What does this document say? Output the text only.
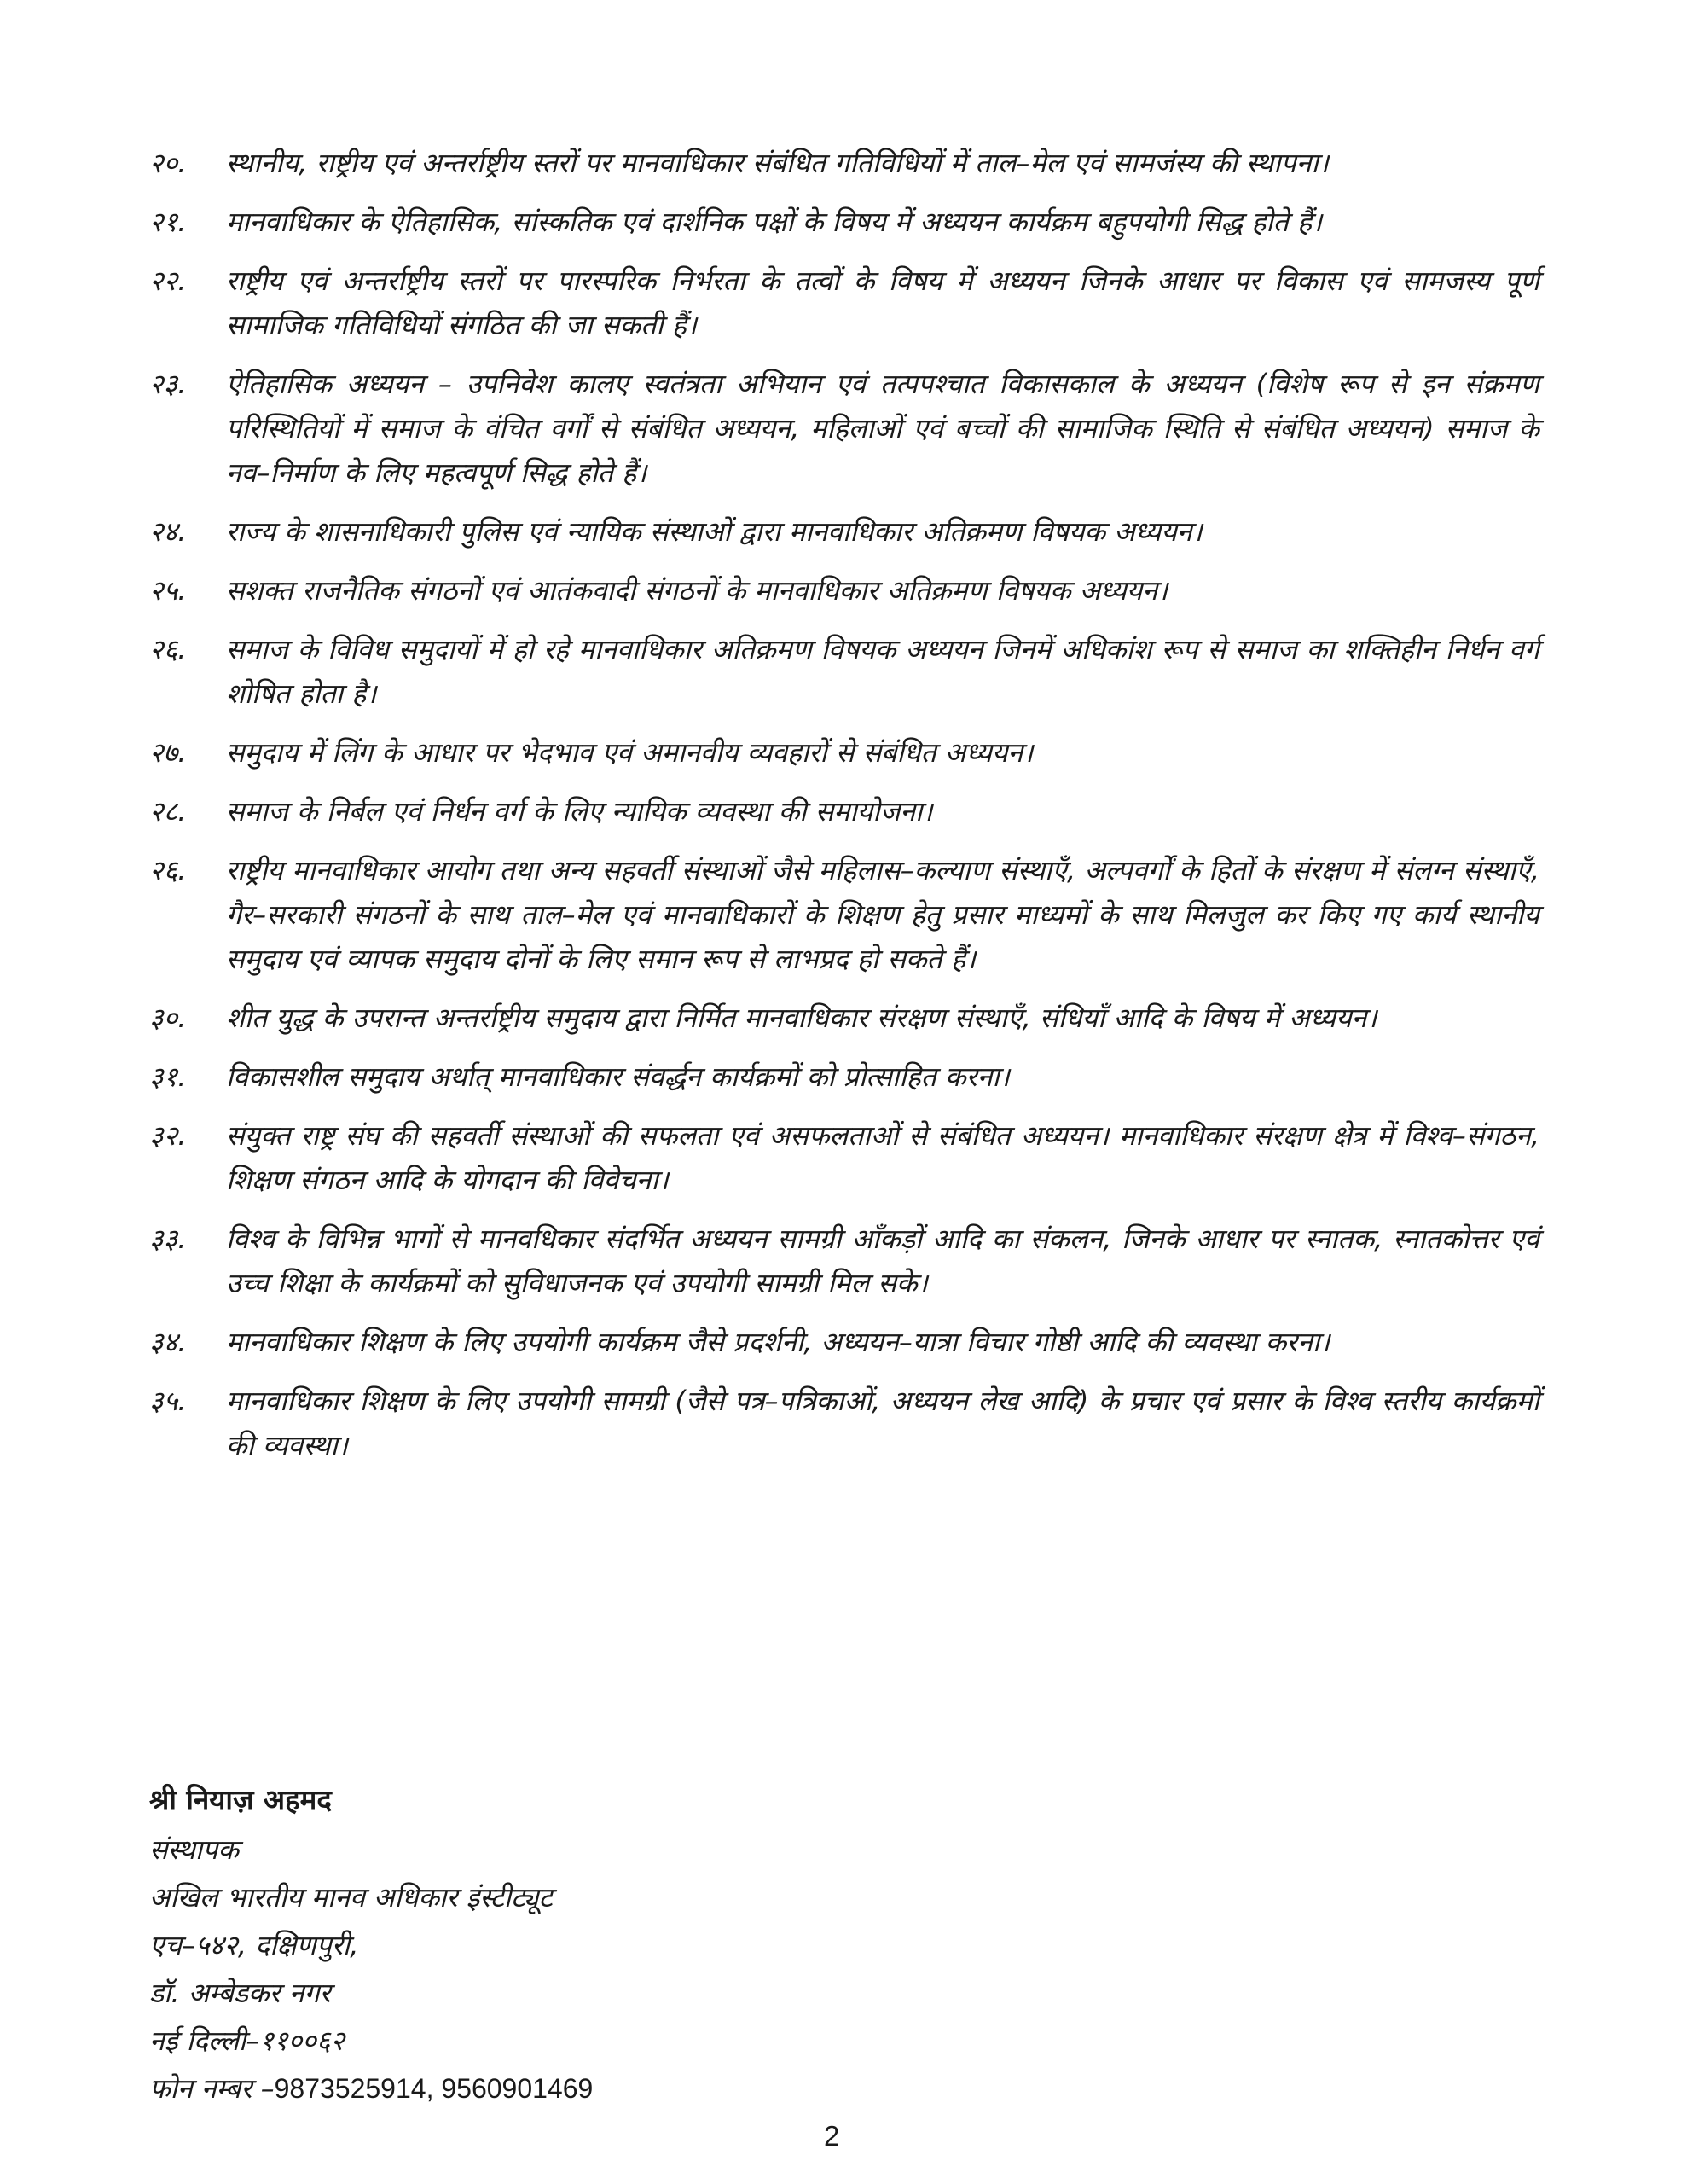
२०.	स्थानीय, राष्ट्रीय एवं अन्तर्राष्ट्रीय स्तरों पर मानवाधिकार संबंधित गतिविधियों में ताल–मेल एवं सामजंस्य की स्थापना।
२१.	मानवाधिकार के ऐतिहासिक, सांस्कतिक एवं दार्शनिक पक्षों के विषय में अध्ययन कार्यक्रम बहुपयोगी सिद्ध होते हैं।
२२.	राष्ट्रीय एवं अन्तर्राष्ट्रीय स्तरों पर पारस्परिक निर्भरता के तत्वों के विषय में अध्ययन जिनके आधार पर विकास एवं सामजस्य पूर्ण सामाजिक गतिविधियों संगठित की जा सकती हैं।
२३.	ऐतिहासिक अध्ययन – उपनिवेश कालए स्वतंत्रता अभियान एवं तत्पपश्चात विकासकाल के अध्ययन (विशेष रूप से इन संक्रमण परिस्थितियों में समाज के वंचित वर्गों से संबंधित अध्ययन, महिलाओं एवं बच्चों की सामाजिक स्थिति से संबंधित अध्ययन) समाज के नव–निर्माण के लिए महत्वपूर्ण सिद्ध होते हैं।
२४.	राज्य के शासनाधिकारी पुलिस एवं न्यायिक संस्थाओं द्वारा मानवाधिकार अतिक्रमण विषयक अध्ययन।
२५.	सशक्त राजनैतिक संगठनों एवं आतंकवादी संगठनों के मानवाधिकार अतिक्रमण विषयक अध्ययन।
२६.	समाज के विविध समुदायों में हो रहे मानवाधिकार अतिक्रमण विषयक अध्ययन जिनमें अधिकांश रूप से समाज का शक्तिहीन निर्धन वर्ग शोषित होता है।
२७.	समुदाय में लिंग के आधार पर भेदभाव एवं अमानवीय व्यवहारों से संबंधित अध्ययन।
२८.	समाज के निर्बल एवं निर्धन वर्ग के लिए न्यायिक व्यवस्था की समायोजना।
२६.	राष्ट्रीय मानवाधिकार आयोग तथा अन्य सहवर्ती संस्थाओं जैसे महिलास–कल्याण संस्थाएँ, अल्पवर्गों के हितों के संरक्षण में संलग्न संस्थाएँ, गैर–सरकारी संगठनों के साथ ताल–मेल एवं मानवाधिकारों के शिक्षण हेतु प्रसार माध्यमों के साथ मिलजुल कर किए गए कार्य स्थानीय समुदाय एवं व्यापक समुदाय दोनों के लिए समान रूप से लाभप्रद हो सकते हैं।
३०.	शीत युद्ध के उपरान्त अन्तर्राष्ट्रीय समुदाय द्वारा निर्मित मानवाधिकार संरक्षण संस्थाएँ, संधियाँ आदि के विषय में अध्ययन।
३१.	विकासशील समुदाय अर्थात् मानवाधिकार संवर्द्धन कार्यक्रमों को प्रोत्साहित करना।
३२.	संयुक्त राष्ट्र संघ की सहवर्ती संस्थाओं की सफलता एवं असफलताओं से संबंधित अध्ययन। मानवाधिकार संरक्षण क्षेत्र में विश्व–संगठन, शिक्षण संगठन आदि के योगदान की विवेचना।
३३.	विश्व के विभिन्न भागों से मानवधिकार संदर्भित अध्ययन सामग्री आँकड़ों आदि का संकलन, जिनके आधार पर स्नातक, स्नातकोत्तर एवं उच्च शिक्षा के कार्यक्रमों को सुविधाजनक एवं उपयोगी सामग्री मिल सके।
३४.	मानवाधिकार शिक्षण के लिए उपयोगी कार्यक्रम जैसे प्रदर्शनी, अध्ययन–यात्रा विचार गोष्ठी आदि की व्यवस्था करना।
३५.	मानवाधिकार शिक्षण के लिए उपयोगी सामग्री (जैसे पत्र–पत्रिकाओं, अध्ययन लेख आदि) के प्रचार एवं प्रसार के विश्व स्तरीय कार्यक्रमों की व्यवस्था।
श्री नियाज़ अहमद
संस्थापक
अखिल भारतीय मानव अधिकार इंस्टीट्यूट
एच–५४२, दक्षिणपुरी,
डॉ. अम्बेडकर नगर
नई दिल्ली–११००६२
फोन नम्बर –9873525914, 9560901469
2
